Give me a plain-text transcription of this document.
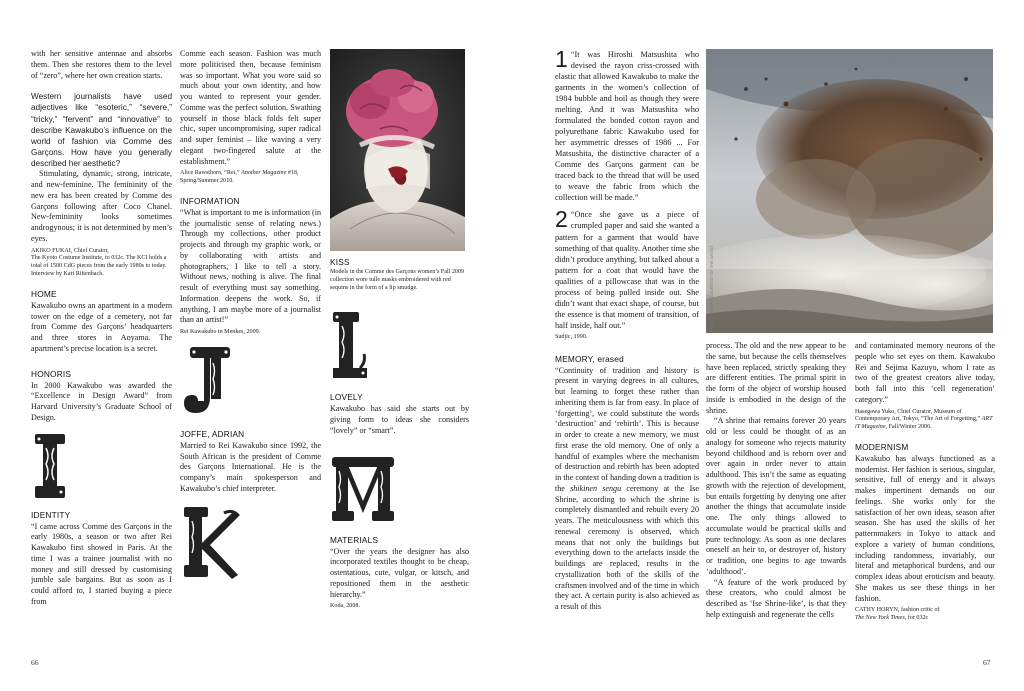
with her sensitive antennae and absorbs them. Then she restores them to the level of “zero”, where her own creation starts.

Western journalists have used adjectives like “esoteric,” “severe,” “tricky,” “fervent” and “innovative” to describe Kawakubo’s influence on the world of fashion via Comme des Garçons. How have you generally described her aesthetic?

Stimulating, dynamic, strong, intricate, and new-feminine. The femininity of the new era has been created by Comme des Garçons following after Coco Chanel. New-femininity looks sometimes androgynous; it is not determined by men’s eyes.

AKIKO FUKAI, Chief Curator,
The Kyoto Costume Institute, to 032c. The KCI holds a total of 1500 CdG pieces from the early 1980s to today. Interview by Kari Rittenbach.
HOME

Kawakubo owns an apartment in a modern tower on the edge of a cemetery, not far from Comme des Garçons’ headquarters and three stores in Aoyama. The apartment’s precise location is a secret.

HONORIS

In 2000 Kawakubo was awarded the “Excellence in Design Award” from Harvard University’s Graduate School of Design.

IDENTITY

“I came across Comme des Garçons in the early 1980s, a season or two after Rei Kawakubo first showed in Paris. At the time I was a trainee journalist with no money and still dressed by customising jumble sale bargains. But as soon as I could afford to, I started buying a piece from

Comme each season. Fashion was much more politicised then, because feminism was so important. What you wore said so much about your own identity, and how you wanted to represent your gender. Comme was the perfect solution. Swathing yourself in those black folds felt super chic, super uncompromising, super radical and super feminist – like waving a very elegant two-fingered salute at the establishment.”

Alice Rawsthorn, “Rei,” Another Magazine #18, Spring/Summer 2010.
INFORMATION

“What is important to me is information (in the journalistic sense of relating news.) Through my collections, other product projects and through my graphic work, or by collaborating with artists and photographers, I like to tell a story. Without news, nothing is alive. The final result of everything must say something. Information deepens the work. So, if anything, I am maybe more of a journalist than an artist!”

Rei Kawakubo in Menkes, 2009.
JOFFE, ADRIAN

Married to Rei Kawakubo since 1992, the South African is the president of Comme des Garçons International. He is the company’s main spokesperson and Kawakubo’s chief interpreter.

KISS
Models in the Comme des Garçons women’s Fall 2009 collection wore tulle masks embroidered with red sequins in the form of a lip smudge.
LOVELY

Kawakubo has said she starts out by giving form to ideas she considers “lovely” or “smart”.

MATERIALS

“Over the years the designer has also incorporated textiles thought to be cheap, ostentatious, cute, vulgar, or kitsch, and repositioned them in the aesthetic hierarchy.”

Koda, 2008.
66

1 “It was Hiroshi Matsushita who devised the rayon criss-crossed with elastic that allowed Kawakubo to make the garments in the women’s collection of 1984 bubble and boil as though they were melting. And it was Matsushita who formulated the bonded cotton rayon and polyurethane fabric Kawakubo used for her asymmetric dresses of 1986 ... For Matsushita, the distinctive character of a Comme des Garçons garment can be traced back to the thread that will be used to weave the fabric from which the collection will be made.”

2 “Once she gave us a piece of crumpled paper and said she wanted a pattern for a garment that would have something of that quality. Another time she didn’t produce anything, but talked about a pattern for a coat that would have the qualities of a pillowcase that was in the process of being pulled inside out. She didn’t want that exact shape, of course, but the essence is that moment of transition, of half inside, half out.”

Sudjic, 1990.
MEMORY, erased

“Continuity of tradition and history is present in varying degrees in all cultures, but learning to forget these rather than inheriting them is far from easy. In place of ‘forgetting’, we could substitute the words ‘destruction’ and ‘rebirth’. This is because in order to create a new memory, we must first erase the old memory. One of only a handful of examples where the mechanism of destruction and rebirth has been adopted in the context of handing down a tradition is the shikinen sengu ceremony at the Ise Shrine, according to which the shrine is completely dismantled and rebuilt every 20 years. The meticulousness with which this renewal ceremony is observed, which means that not only the buildings but everything down to the artefacts inside the buildings are replaced, results in the crystallization both of the skills of the craftsmen involved and of the time in which they act. A certain purity is also achieved as a result of this

PHOTOGRAPHY COURTESY OF THE ARTIST

process. The old and the new appear to be the same, but because the cells themselves have been replaced, strictly speaking they are different entities. The primal spirit in the form of the object of worship housed inside is embodied in the design of the shrine.

“A shrine that remains forever 20 years old or less could be thought of as an analogy for someone who rejects maturity beyond childhood and is reborn over and over again in order never to attain adulthood. This isn’t the same as equating growth with the rejection of development, but entails forgetting by denying one after another the things that accumulate inside one. The only things allowed to accumulate would be practical skills and pure technology. As soon as one declares oneself an heir to, or destroyer of, history or tradition, one begins to age towards ‘adulthood’.

“A feature of the work produced by these creators, who could almost be described as ‘Ise Shrine-like’, is that they help extinguish and regenerate the cells

and contaminated memory neurons of the people who set eyes on them. Kawakubo Rei and Sejima Kazuyo, whom I rate as two of the greatest creators alive today, both fall into this ‘cell regeneration’ category.”

Hasegawa Yuko, Chief Curator, Museum of Contemporary Art, Tokyo, “The Art of Forgetting,” ART iT Magazine, Fall/Winter 2006.
MODERNISM

Kawakubo has always functioned as a modernist. Her fashion is serious, singular, sensitive, full of energy and it always makes impertinent demands on our feelings. She works only for the satisfaction of her own ideas, season after season. She has used the skills of her patternmakers in Tokyo to attack and explore a variety of human conditions, including randomness, invariably, our literal and metaphorical burdens, and our complex ideas about eroticism and beauty. She makes us see these things in her fashion.

CATHY HORYN, fashion critic of
The New York Times, for 032c
67
